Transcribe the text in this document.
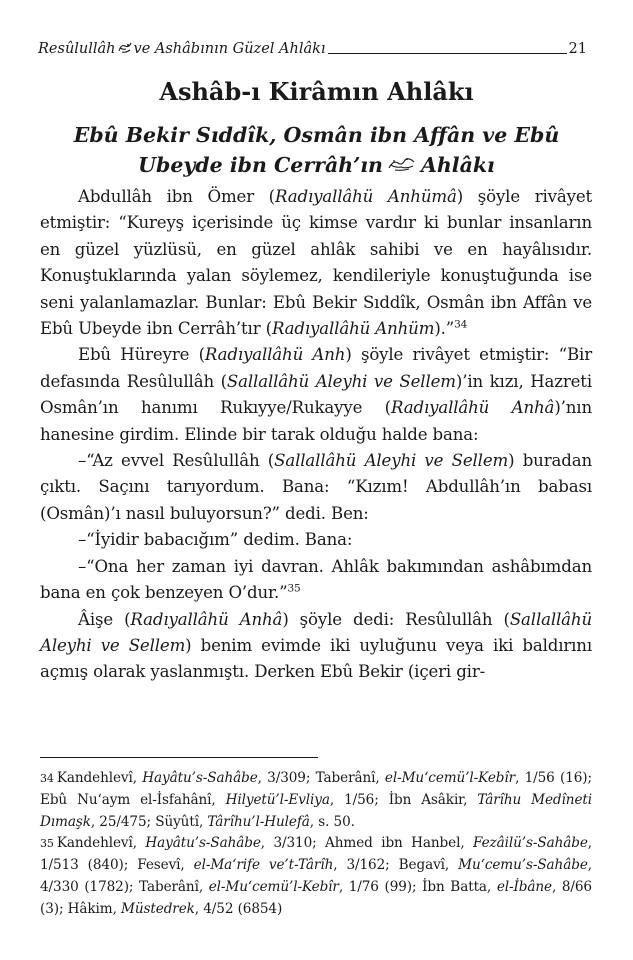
Resûlullâh ve Ashâbının Güzel Ahlâkı	21
Ashâb-ı Kirâmın Ahlâkı
Ebû Bekir Sıddîk, Osmân ibn Affân ve Ebû
Ubeyde ibn Cerrâh’ın Ahlâkı

Abdullâh ibn Ömer (Radıyallâhü Anhümâ) şöyle rivâyet etmiştir: “Kureyş içerisinde üç kimse vardır ki bunlar insanların en güzel yüzlüsü, en güzel ahlâk sahibi ve en hayâlısıdır. Konuştuklarında yalan söylemez, kendileriyle konuştuğunda ise seni yalanlamazlar. Bunlar: Ebû Bekir Sıddîk, Osmân ibn Affân ve Ebû Ubeyde ibn Cerrâh’tır (Radıyallâhü Anhüm).”$^{34}$

Ebû Hüreyre (Radıyallâhü Anh) şöyle rivâyet etmiştir: “Bir defasında Resûlullâh (Sallallâhü Aleyhi ve Sellem)’in kızı, Hazreti Osmân’ın hanımı Rukıyye/Rukayye (Radıyallâhü Anhâ)’nın hanesine girdim. Elinde bir tarak olduğu halde bana:

–“Az evvel Resûlullâh (Sallallâhü Aleyhi ve Sellem) buradan çıktı. Saçını tarıyordum. Bana: “Kızım! Abdullâh’ın babası (Osmân)’ı nasıl buluyorsun?” dedi. Ben:

–“İyidir babacığım” dedim. Bana:

–“Ona her zaman iyi davran. Ahlâk bakımından ashâbımdan bana en çok benzeyen O’dur.”$^{35}$

Âişe (Radıyallâhü Anhâ) şöyle dedi: Resûlullâh (Sallallâhü Aleyhi ve Sellem) benim evimde iki uyluğunu veya iki baldırını açmış olarak yaslanmıştı. Derken Ebû Bekir (içeri gir-

34 Kandehlevî, Hayâtu’s-Sahâbe, 3/309; Taberânî, el-Mu‘cemü’l-Kebîr, 1/56 (16); Ebû Nu‘aym el-İsfahânî, Hilyetü’l-Evliya, 1/56; İbn Asâkir, Târîhu Medîneti Dımaşk, 25/475; Süyûtî, Târîhu’l-Hulefâ, s. 50.

35 Kandehlevî, Hayâtu’s-Sahâbe, 3/310; Ahmed ibn Hanbel, Fezâilü’s-Sahâbe, 1/513 (840); Fesevî, el-Ma‘rife ve’t-Târîh, 3/162; Begavî, Mu‘cemu’s-Sahâbe, 4/330 (1782); Taberânî, el-Mu‘cemü’l-Kebîr, 1/76 (99); İbn Batta, el-İbâne, 8/66 (3); Hâkim, Müstedrek, 4/52 (6854)
